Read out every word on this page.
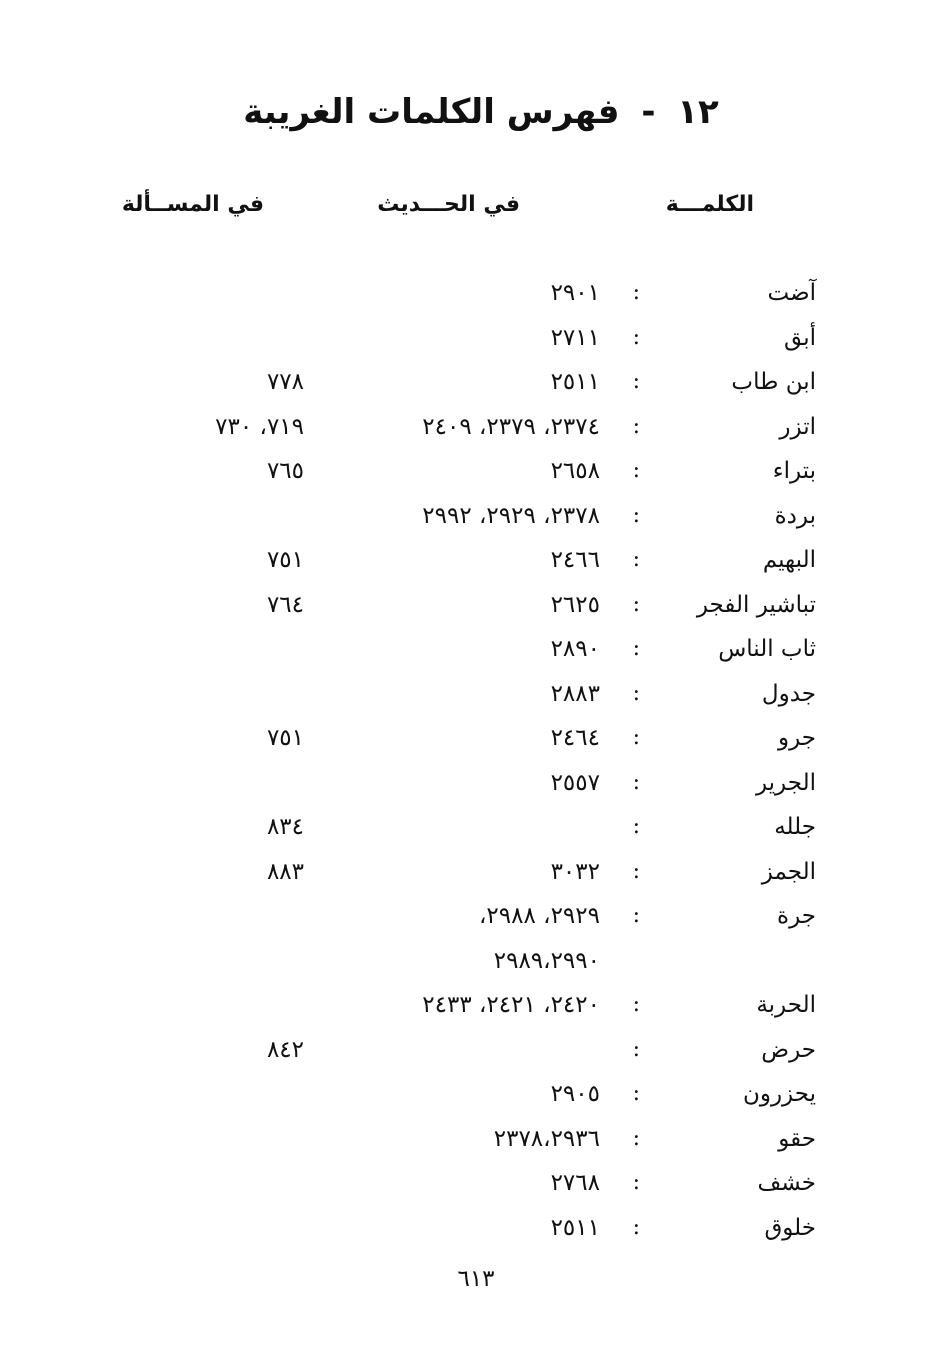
١٢ - فهرس الكلمات الغريبة
الكلمـــة
في الحـــديث
في المســألة
آضت
:
٢٩٠١
أبق
:
٢٧١١
ابن طاب
:
٢٥١١
٧٧٨
اتزر
:
٢٣٧٤، ٢٣٧٩، ٢٤٠٩
٧١٩، ٧٣٠
بتراء
:
٢٦٥٨
٧٦٥
بردة
:
٢٣٧٨، ٢٩٢٩، ٢٩٩٢
البهيم
:
٢٤٦٦
٧٥١
تباشير الفجر
:
٢٦٢٥
٧٦٤
ثاب الناس
:
٢٨٩٠
جدول
:
٢٨٨٣
جرو
:
٢٤٦٤
٧٥١
الجرير
:
٢٥٥٧
جلله
:
٨٣٤
الجمز
:
٣٠٣٢
٨٨٣
جرة
:
٢٩٢٩، ٢٩٨٨،
٢٩٨٩،٢٩٩٠
الحربة
:
٢٤٢٠، ٢٤٢١، ٢٤٣٣
حرض
:
٨٤٢
يحزرون
:
٢٩٠٥
حقو
:
٢٣٧٨،٢٩٣٦
خشف
:
٢٧٦٨
خلوق
:
٢٥١١
٦١٣
